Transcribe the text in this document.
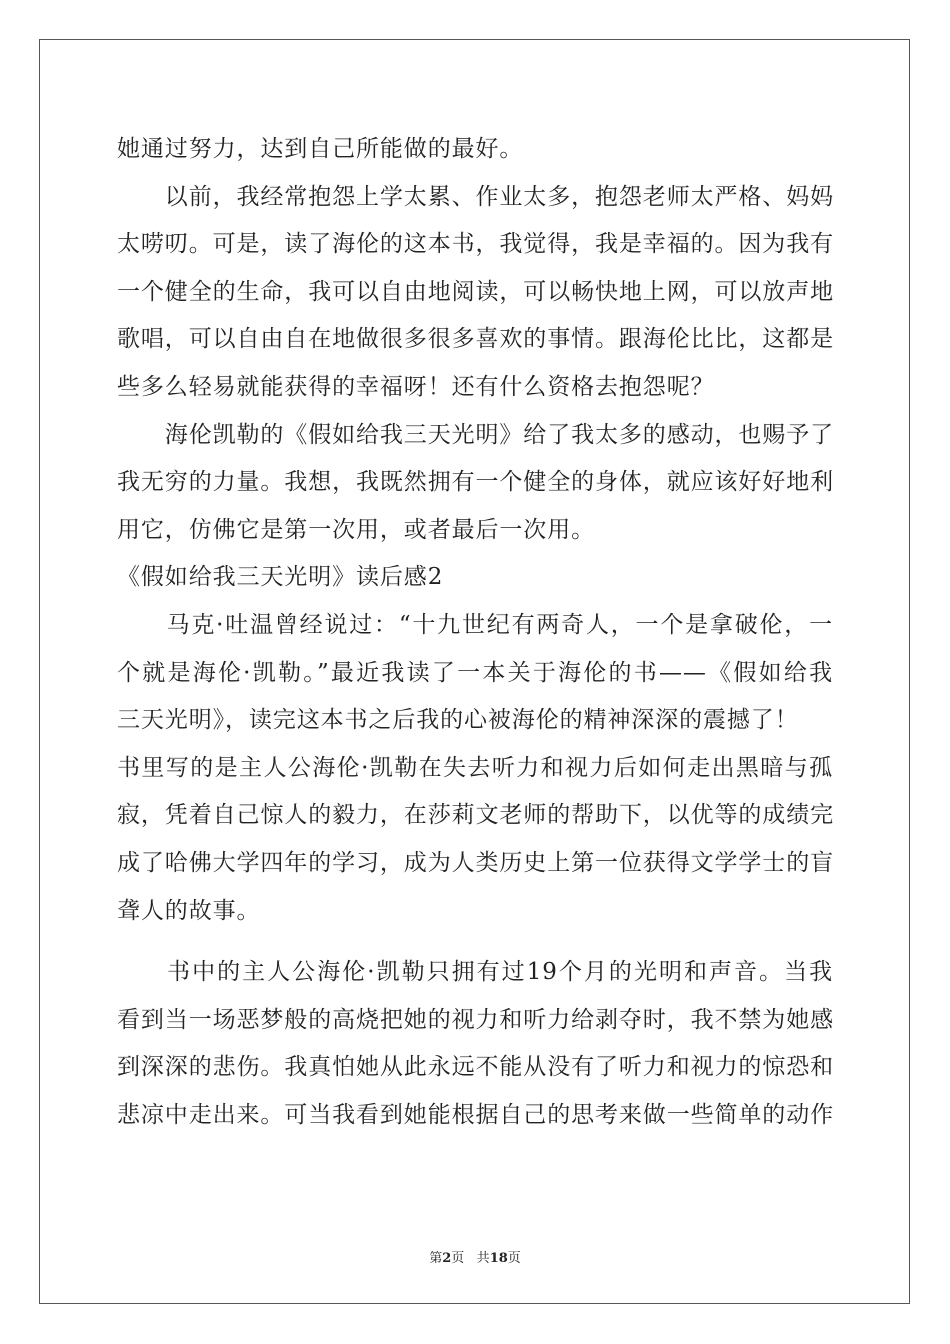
她通过努力，达到自己所能做的最好。

　　以前，我经常抱怨上学太累、作业太多，抱怨老师太严格、妈妈

太唠叨。可是，读了海伦的这本书，我觉得，我是幸福的。因为我有

一个健全的生命，我可以自由地阅读，可以畅快地上网，可以放声地

歌唱，可以自由自在地做很多很多喜欢的事情。跟海伦比比，这都是

些多么轻易就能获得的幸福呀！还有什么资格去抱怨呢？

　　海伦凯勒的《假如给我三天光明》给了我太多的感动，也赐予了

我无穷的力量。我想，我既然拥有一个健全的身体，就应该好好地利

用它，仿佛它是第一次用，或者最后一次用。

《假如给我三天光明》读后感2

　　马克·吐温曾经说过：“十九世纪有两奇人，一个是拿破伦，一

个就是海伦·凯勒。”最近我读了一本关于海伦的书——《假如给我

三天光明》，读完这本书之后我的心被海伦的精神深深的震撼了！

书里写的是主人公海伦·凯勒在失去听力和视力后如何走出黑暗与孤

寂，凭着自己惊人的毅力，在莎莉文老师的帮助下，以优等的成绩完

成了哈佛大学四年的学习，成为人类历史上第一位获得文学学士的盲

聋人的故事。

　　书中的主人公海伦·凯勒只拥有过19个月的光明和声音。当我

看到当一场恶梦般的高烧把她的视力和听力给剥夺时，我不禁为她感

到深深的悲伤。我真怕她从此永远不能从没有了听力和视力的惊恐和

悲凉中走出来。可当我看到她能根据自己的思考来做一些简单的动作

第2页 共18页
